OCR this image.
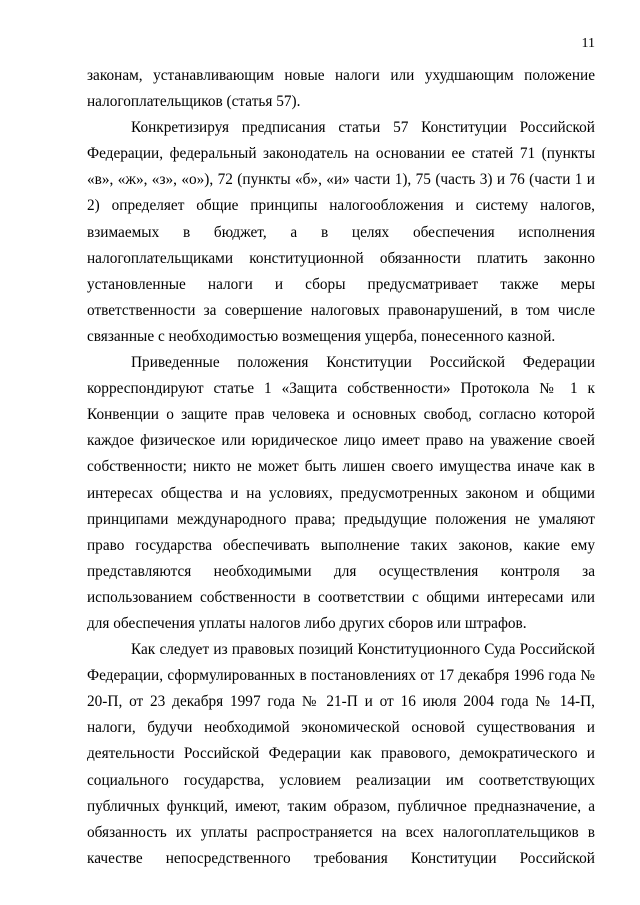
11

законам, устанавливающим новые налоги или ухудшающим положение налогоплательщиков (статья 57).

Конкретизируя предписания статьи 57 Конституции Российской Федерации, федеральный законодатель на основании ее статей 71 (пункты «в», «ж», «з», «о»), 72 (пункты «б», «и» части 1), 75 (часть 3) и 76 (части 1 и 2) определяет общие принципы налогообложения и систему налогов, взимаемых в бюджет, а в целях обеспечения исполнения налогоплательщиками конституционной обязанности платить законно установленные налоги и сборы предусматривает также меры ответственности за совершение налоговых правонарушений, в том числе связанные с необходимостью возмещения ущерба, понесенного казной.

Приведенные положения Конституции Российской Федерации корреспондируют статье 1 «Защита собственности» Протокола № 1 к Конвенции о защите прав человека и основных свобод, согласно которой каждое физическое или юридическое лицо имеет право на уважение своей собственности; никто не может быть лишен своего имущества иначе как в интересах общества и на условиях, предусмотренных законом и общими принципами международного права; предыдущие положения не умаляют право государства обеспечивать выполнение таких законов, какие ему представляются необходимыми для осуществления контроля за использованием собственности в соответствии с общими интересами или для обеспечения уплаты налогов либо других сборов или штрафов.

Как следует из правовых позиций Конституционного Суда Российской Федерации, сформулированных в постановлениях от 17 декабря 1996 года № 20-П, от 23 декабря 1997 года № 21-П и от 16 июля 2004 года № 14-П, налоги, будучи необходимой экономической основой существования и деятельности Российской Федерации как правового, демократического и социального государства, условием реализации им соответствующих публичных функций, имеют, таким образом, публичное предназначение, а обязанность их уплаты распространяется на всех налогоплательщиков в качестве непосредственного требования Конституции Российской
